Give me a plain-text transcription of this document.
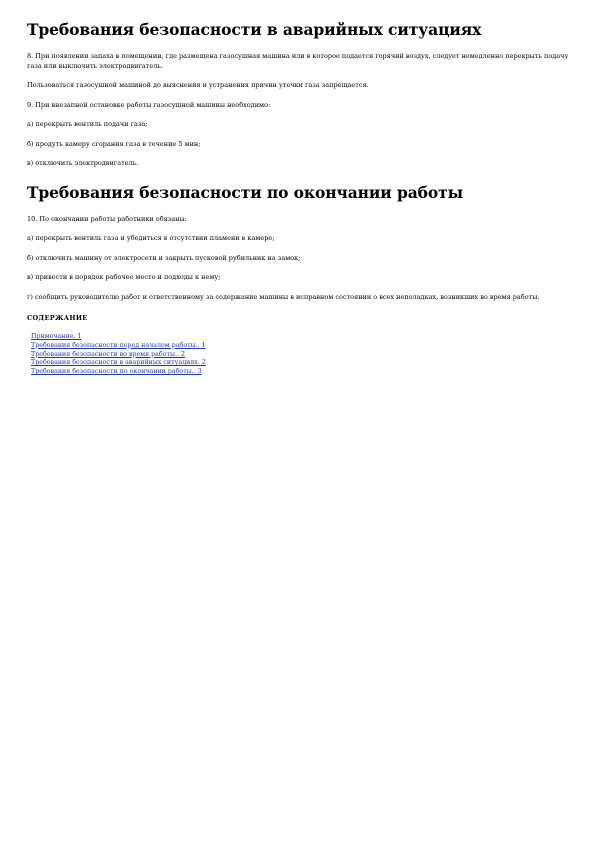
Требования безопасности в аварийных ситуациях

8. При появлении запаха в помещении, где размещена газосушная машина или в которое подается горячий воздух, следует немедленно перекрыть подачу газа или выключить электродвигатель.

Пользоваться газосушной машиной до выяснения и устранения причин утечки газа запрещается.

9. При внезапной остановке работы газосушной машины необходимо:

а) перекрыть вентиль подачи газа;

б) продуть камеру сгорания газа в течение 5 мин;

в) отключить электродвигатель.

Требования безопасности по окончании работы

10. По окончании работы работники обязаны:

а) перекрыть вентиль газа и убедиться в отсутствии пламени в камере;

б) отключить машину от электросети и закрыть пусковой рубильник на замок;

в) привести в порядок рабочее место и подходы к нему;

г) сообщить руководителю работ и ответственному за содержание машины в исправном состоянии о всех неполадках, возникших во время работы.

СОДЕРЖАНИЕ
Примечание. 1
Требования безопасности перед началом работы.. 1
Требования безопасности во время работы.. 2
Требования безопасности в аварийных ситуациях. 2
Требования безопасности по окончании работы.. 3
